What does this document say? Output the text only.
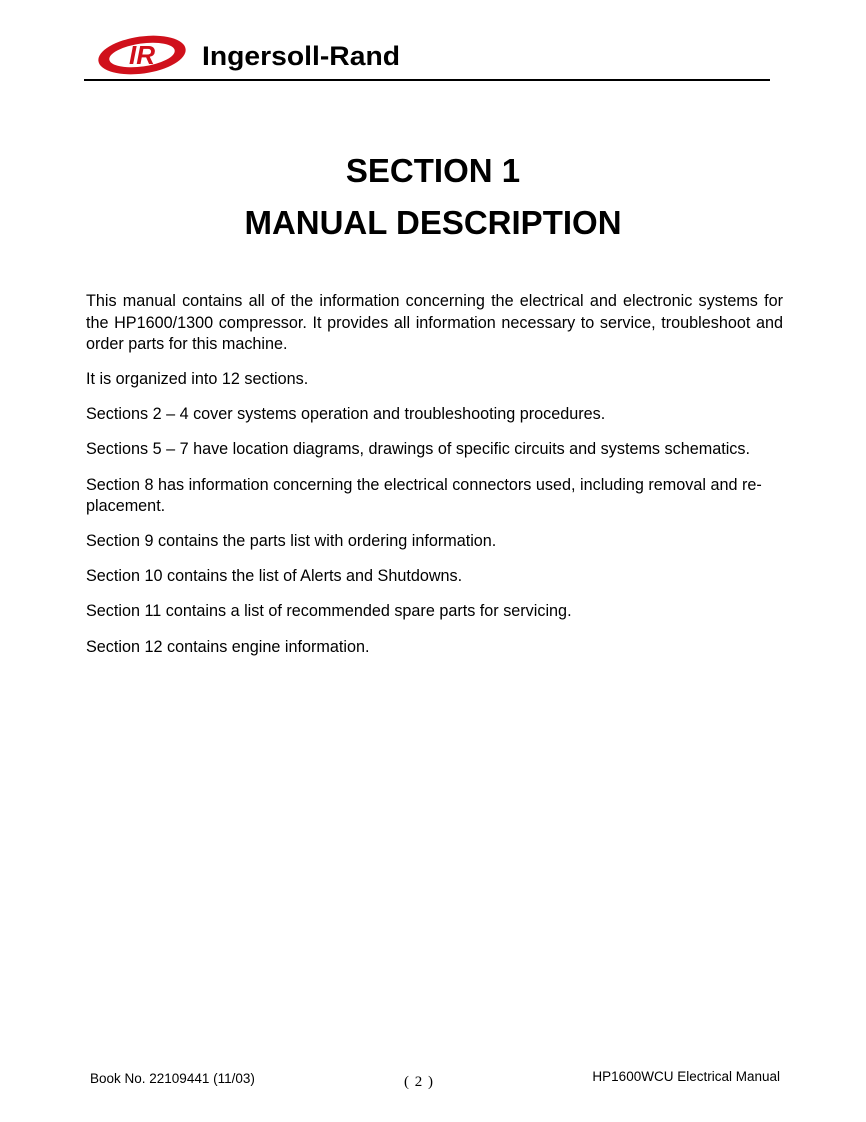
IR Ingersoll-Rand
SECTION 1
MANUAL DESCRIPTION

This manual contains all of the information concerning the electrical and electronic systems for the HP1600/1300 compressor. It provides all information necessary to service, troubleshoot and order parts for this machine.

It is organized into 12 sections.

Sections 2 – 4 cover systems operation and troubleshooting procedures.

Sections 5 – 7 have location diagrams, drawings of specific circuits and systems schematics.

Section 8 has information concerning the electrical connectors used, including removal and re-placement.

Section 9 contains the parts list with ordering information.

Section 10 contains the list of Alerts and Shutdowns.

Section 11 contains a list of recommended spare parts for servicing.

Section 12 contains engine information.

Book No. 22109441 (11/03)	( 2 )	HP1600WCU Electrical Manual
